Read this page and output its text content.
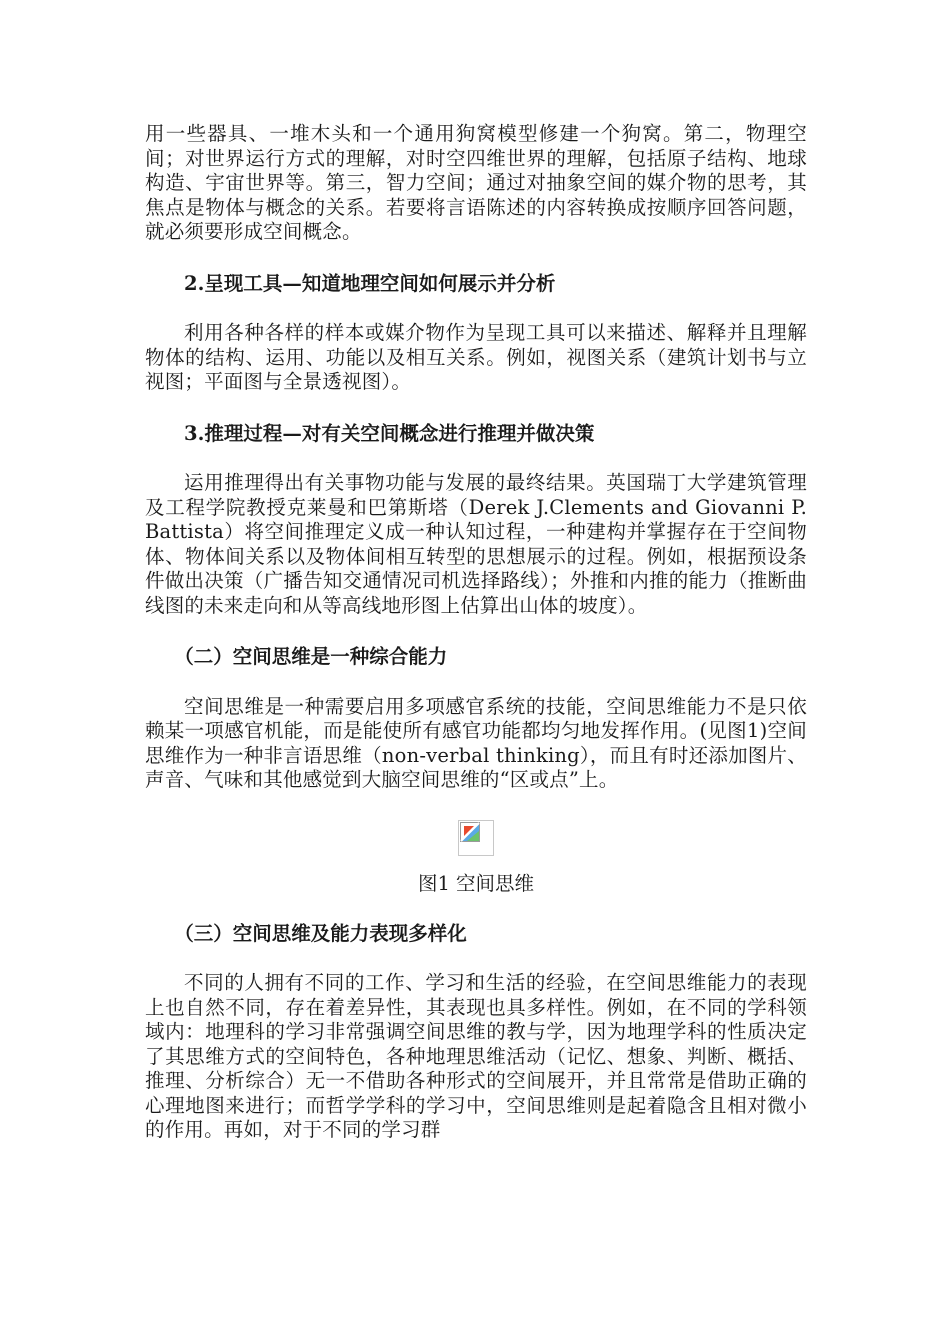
用一些器具、一堆木头和一个通用狗窝模型修建一个狗窝。第二，物理空间；对世界运行方式的理解，对时空四维世界的理解，包括原子结构、地球构造、宇宙世界等。第三，智力空间；通过对抽象空间的媒介物的思考，其焦点是物体与概念的关系。若要将言语陈述的内容转换成按顺序回答问题，就必须要形成空间概念。

2.呈现工具—知道地理空间如何展示并分析

利用各种各样的样本或媒介物作为呈现工具可以来描述、解释并且理解物体的结构、运用、功能以及相互关系。例如，视图关系（建筑计划书与立视图；平面图与全景透视图）。

3.推理过程—对有关空间概念进行推理并做决策

运用推理得出有关事物功能与发展的最终结果。英国瑞丁大学建筑管理及工程学院教授克莱曼和巴第斯塔（Derek J.Clements and Giovanni P.Battista）将空间推理定义成一种认知过程，一种建构并掌握存在于空间物体、物体间关系以及物体间相互转型的思想展示的过程。例如，根据预设条件做出决策（广播告知交通情况司机选择路线）；外推和内推的能力（推断曲线图的未来走向和从等高线地形图上估算出山体的坡度）。

（二）空间思维是一种综合能力

空间思维是一种需要启用多项感官系统的技能，空间思维能力不是只依赖某一项感官机能，而是能使所有感官功能都均匀地发挥作用。(见图1)空间思维作为一种非言语思维（non-verbal thinking），而且有时还添加图片、声音、气味和其他感觉到大脑空间思维的“区或点”上。

图1 空间思维

（三）空间思维及能力表现多样化

不同的人拥有不同的工作、学习和生活的经验，在空间思维能力的表现上也自然不同，存在着差异性，其表现也具多样性。例如，在不同的学科领域内：地理科的学习非常强调空间思维的教与学，因为地理学科的性质决定了其思维方式的空间特色，各种地理思维活动（记忆、想象、判断、概括、推理、分析综合）无一不借助各种形式的空间展开，并且常常是借助正确的心理地图来进行；而哲学学科的学习中，空间思维则是起着隐含且相对微小的作用。再如，对于不同的学习群
